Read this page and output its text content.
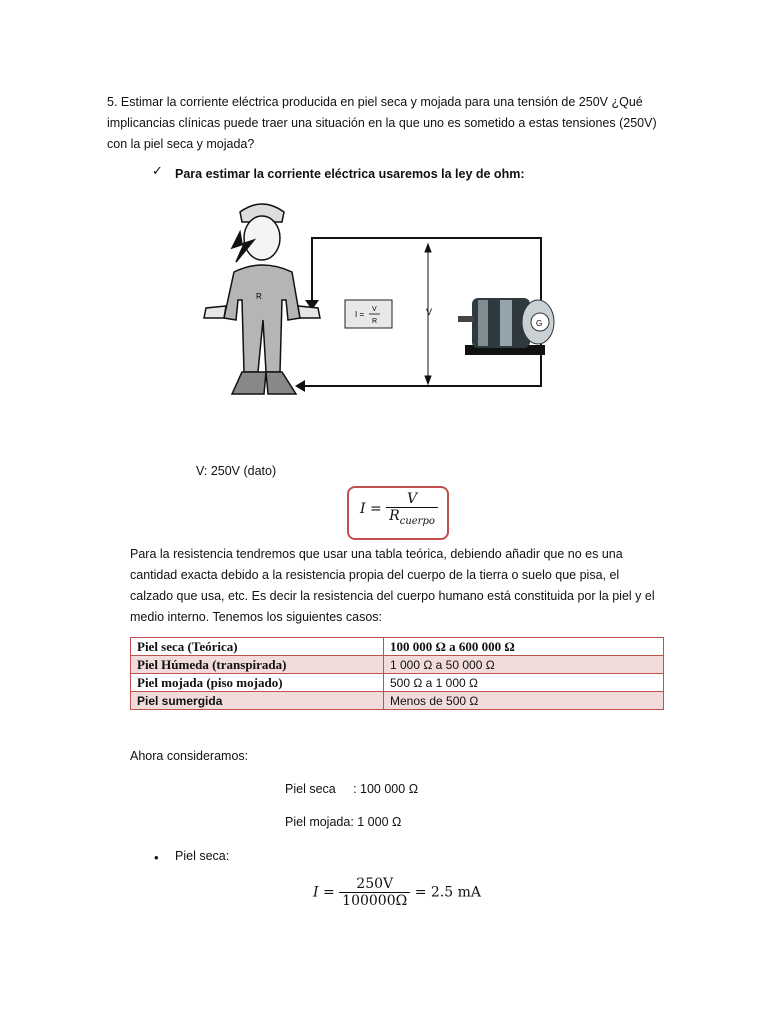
5. Estimar la corriente eléctrica producida en piel seca y mojada para una tensión de 250V ¿Qué
implicancias clínicas puede traer una situación en la que uno es sometido a estas tensiones (250V)
con la piel seca y mojada?
✓ Para estimar la corriente eléctrica usaremos la ley de ohm:
V
G
R
I =
V
R
V: 250V (dato)
$I = \frac{V}{R_{cuerpo}}$
Para la resistencia tendremos que usar una tabla teórica, debiendo añadir que no es una
cantidad exacta debido a la resistencia propia del cuerpo de la tierra o suelo que pisa, el
calzado que usa, etc. Es decir la resistencia del cuerpo humano está constituida por la piel y el
medio interno. Tenemos los siguientes casos:
Piel seca (Teórica)	100 000 Ω a 600 000 Ω
Piel Húmeda (transpirada)	1 000 Ω a 50 000 Ω
Piel mojada (piso mojado)	500 Ω a 1 000 Ω
Piel sumergida	Menos de 500 Ω
Ahora consideramos:
Piel seca     : 100 000 Ω
Piel mojada: 1 000 Ω
• Piel seca:
$I = \frac{250V}{100000\Omega} = 2.5$ mA
